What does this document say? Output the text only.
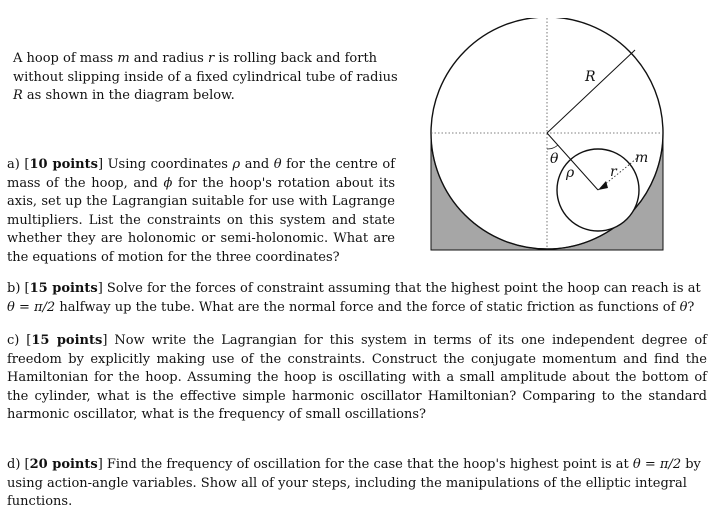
A hoop of mass m and radius r is rolling back and forth without slipping inside of a fixed cylindrical tube of radius R as shown in the diagram below.

a) [10 points] Using coordinates ρ and θ for the centre of mass of the hoop, and ϕ for the hoop's rotation about its axis, set up the Lagrangian suitable for use with Lagrange multipliers. List the constraints on this system and state whether they are holonomic or semi-holonomic. What are the equations of motion for the three coordinates?

b) [15 points] Solve for the forces of constraint assuming that the highest point the hoop can reach is at θ = π/2 halfway up the tube. What are the normal force and the force of static friction as functions of θ?

c) [15 points] Now write the Lagrangian for this system in terms of its one independent degree of freedom by explicitly making use of the constraints. Construct the conjugate momentum and find the Hamiltonian for the hoop. Assuming the hoop is oscillating with a small amplitude about the bottom of the cylinder, what is the effective simple harmonic oscillator Hamiltonian? Comparing to the standard harmonic oscillator, what is the frequency of small oscillations?

d) [20 points] Find the frequency of oscillation for the case that the hoop's highest point is at θ = π/2 by using action-angle variables. Show all of your steps, including the manipulations of the elliptic integral functions.

R
θ
ρ	r
m
